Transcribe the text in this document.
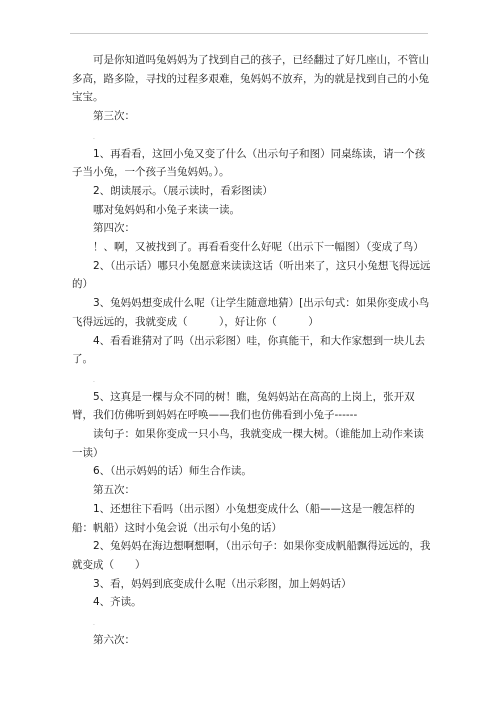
可是你知道吗兔妈妈为了找到自己的孩子，已经翻过了好几座山，不管山多高，路多险，寻找的过程多艰难，兔妈妈不放弃，为的就是找到自己的小兔宝宝。

第三次：

.

1、再看看，这回小兔又变了什么（出示句子和图）同桌练读，请一个孩子当小兔，一个孩子当兔妈妈。）。

2、朗读展示。（展示读时，看彩图读）

哪对兔妈妈和小兔子来读一读。

第四次：

！、啊，又被找到了。再看看变什么好呢（出示下一幅图）（变成了鸟）

2、（出示话）哪只小兔愿意来读读这话（听出来了，这只小兔想飞得远远的）

3、兔妈妈想变成什么呢（让学生随意地猜）[出示句式：如果你变成小鸟飞得远远的，我就变成（　　　），好让你（　　　）

4、看看谁猜对了吗（出示彩图）哇，你真能干，和大作家想到一块儿去了。

.

5、这真是一棵与众不同的树！瞧，兔妈妈站在高高的上岗上，张开双臂，我们仿佛听到妈妈在呼唤——我们也仿佛看到小兔子------

读句子：如果你变成一只小鸟，我就变成一棵大树。（谁能加上动作来读一读）

6、（出示妈妈的话）师生合作读。

第五次：

1、还想往下看吗（出示图）小兔想变成什么（船——这是一艘怎样的船：帆船）这时小兔会说（出示句小兔的话）

2、兔妈妈在海边想啊想啊，（出示句子：如果你变成帆船飘得远远的，我就变成（　　）

3、看，妈妈到底变成什么呢（出示彩图，加上妈妈话）

4、齐读。

.

第六次：
